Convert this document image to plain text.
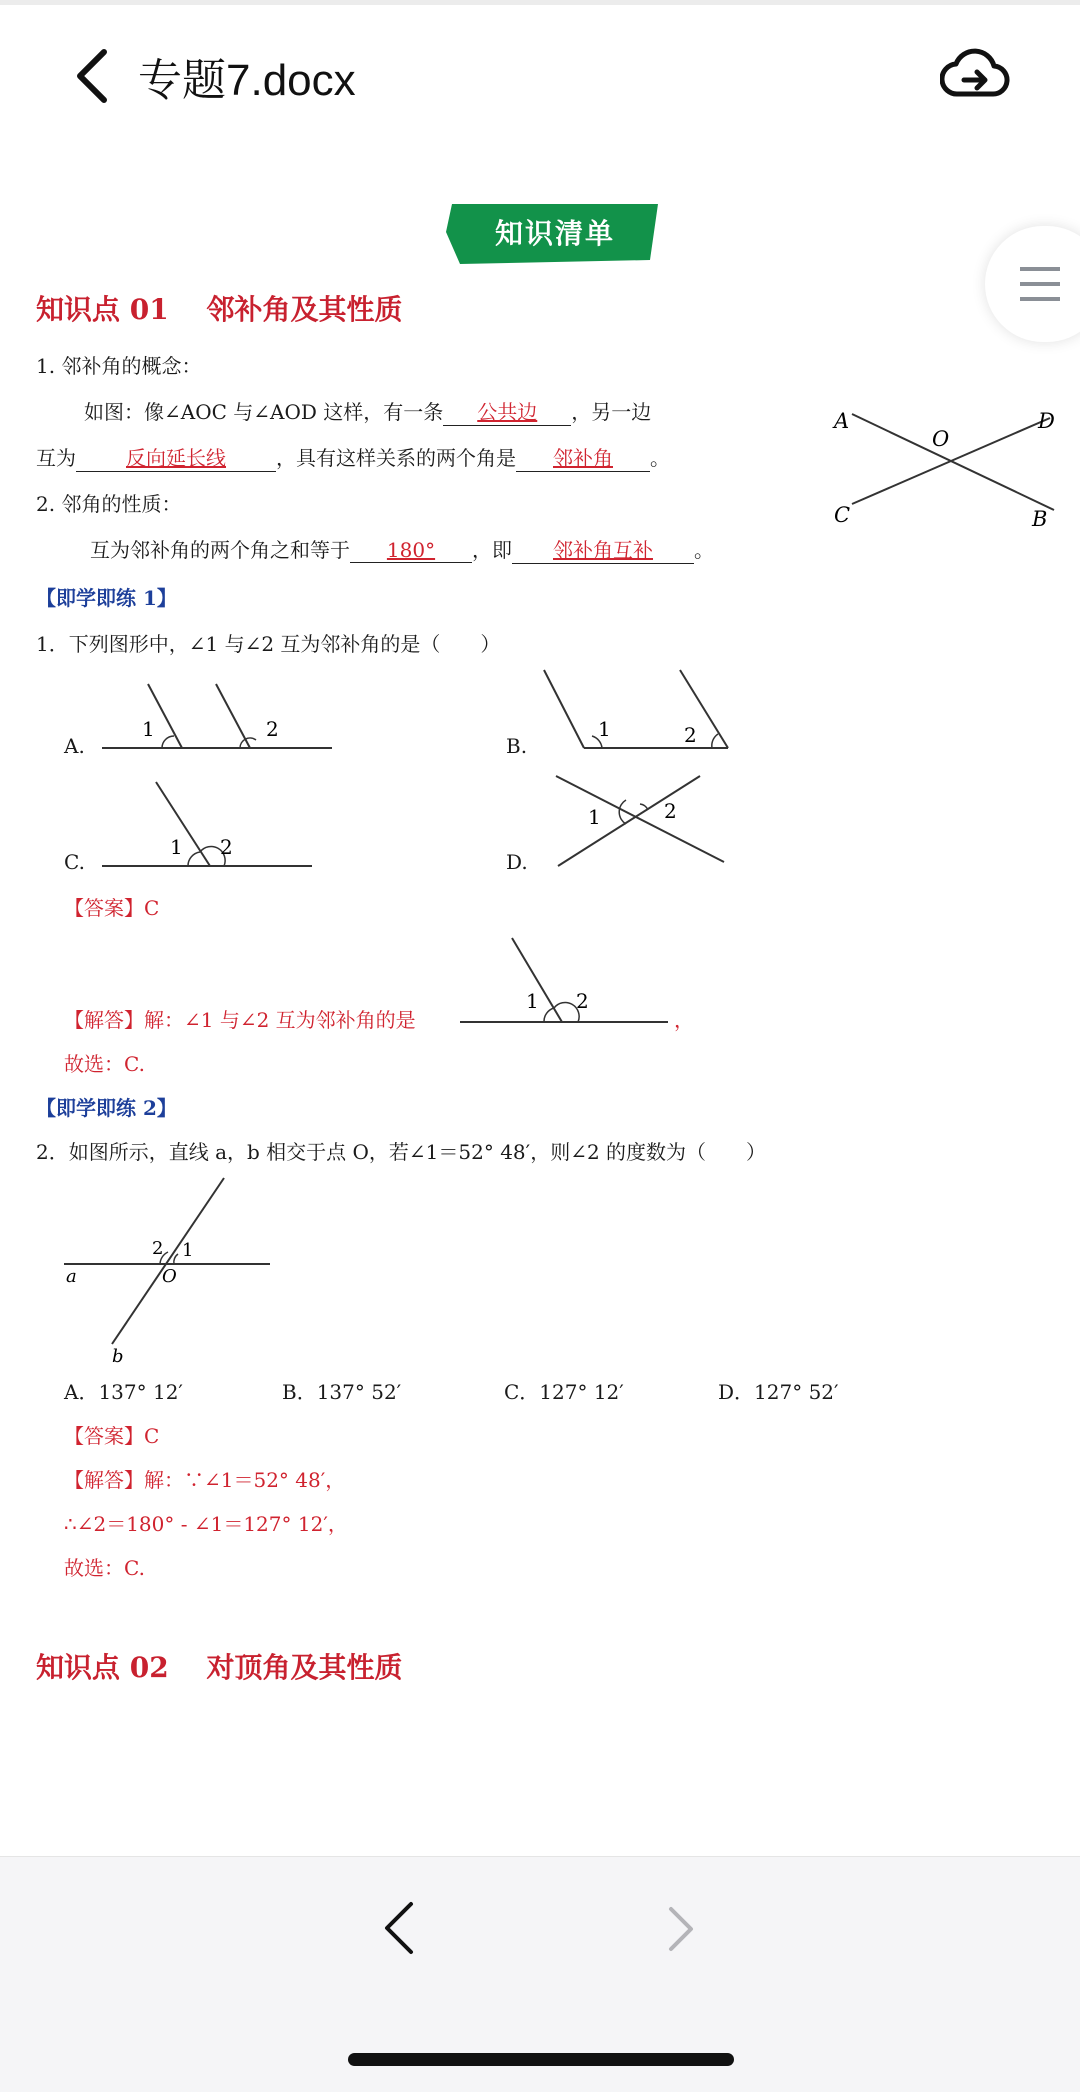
专题7.docx
知识清单
知识点 01　 邻补角及其性质
1. 邻补角的概念：
如图：像∠AOC 与∠AOD 这样，有一条 公共边 ，另一边
互为	反向延长线	，具有这样关系的两个角是 邻补角 。
2. 邻角的性质：
互为邻补角的两个角之和等于 180° ，即 邻补角互补 。
A
O
D
C	B
【即学即练 1】
1．下列图形中，∠1 与∠2 互为邻补角的是（　　）
A.
1	2
B.
1	2
C.
1 2
D.
1	2
【答案】C
【解答】解：∠1 与∠2 互为邻补角的是
1 2
，
故选：C.
【即学即练 2】
2．如图所示，直线 a，b 相交于点 O，若∠1＝52° 48′，则∠2 的度数为（　　）
2 1
O
a
b
A．137° 12′	B．137° 52′	C．127° 12′	D．127° 52′
【答案】C
【解答】解：∵∠1＝52° 48′，
∴∠2＝180° ‑ ∠1＝127° 12′，
故选：C.
知识点 02　 对顶角及其性质
